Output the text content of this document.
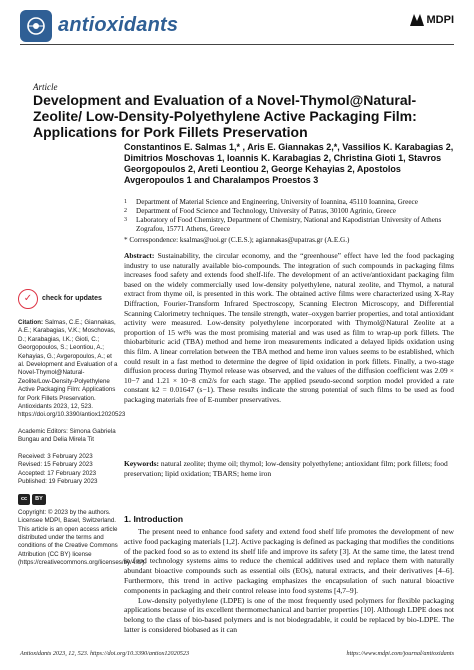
antioxidants	MDPI
Article
Development and Evaluation of a Novel-Thymol@Natural-Zeolite/ Low-Density-Polyethylene Active Packaging Film: Applications for Pork Fillets Preservation
Constantinos E. Salmas 1,* , Aris E. Giannakas 2,*, Vassilios K. Karabagias 2, Dimitrios Moschovas 1, Ioannis K. Karabagias 2, Christina Gioti 1, Stavros Georgopoulos 2, Areti Leontiou 2, George Kehayias 2, Apostolos Avgeropoulos 1 and Charalampos Proestos 3
1	Department of Material Science and Engineering, University of Ioannina, 45110 Ioannina, Greece
2	Department of Food Science and Technology, University of Patras, 30100 Agrinio, Greece
3	Laboratory of Food Chemistry, Department of Chemistry, National and Kapodistrian University of Athens Zografou, 15771 Athens, Greece
* Correspondence: ksalmas@uoi.gr (C.E.S.); agiannakas@upatras.gr (A.E.G.)
Abstract: Sustainability, the circular economy, and the “greenhouse” effect have led the food packaging industry to use naturally available bio-compounds. The integration of such compounds in packaging films increases food safety and extends food shelf-life. The development of an active/antioxidant packaging film based on the widely commercially used low-density polyethylene, natural zeolite, and Thymol, a natural extract from thyme oil, is presented in this work. The obtained active films were characterized using X-Ray Diffraction, Fourier-Transform Infrared Spectroscopy, Scanning Electron Microscopy, and Differential Scanning Calorimetry techniques. The tensile strength, water–oxygen barrier properties, and total antioxidant activity were measured. Low-density polyethylene incorporated with Thymol@Natural Zeolite at a proportion of 15 wt% was the most promising material and was used as film to wrap-up pork fillets. The thiobarbituric acid (TBA) method and heme iron measurements indicated a delayed lipids oxidation using this film. A linear correlation between the TBA method and heme iron values seems to be established, which could result in a fast method to determine the degree of lipid oxidation in pork fillets. Finally, a two-stage diffusion process during Thymol release was observed, and the values of the diffusion coefficient was 2.09 × 10−7 and 1.21 × 10−8 cm2/s for each stage. The applied pseudo-second sorption model provided a rate constant k2 = 0.01647 (s−1). These results indicate the strong potential of such films to be used as food packaging materials free of E-number preservatives.
Keywords: natural zeolite; thyme oil; thymol; low-density polyethylene; antioxidant film; pork fillets; food preservation; lipid oxidation; TBARS; heme iron
✓	check for updates
Citation: Salmas, C.E.; Giannakas, A.E.; Karabagias, V.K.; Moschovas, D.; Karabagias, I.K.; Gioti, C.; Georgopoulos, S.; Leontiou, A.; Kehayias, G.; Avgeropoulos, A.; et al. Development and Evaluation of a Novel-Thymol@Natural-Zeolite/Low-Density-Polyethylene Active Packaging Film: Applications for Pork Fillets Preservation. Antioxidants 2023, 12, 523. https://doi.org/10.3390/antiox12020523
Academic Editors: Simona Gabriela Bungau and Delia Mirela Tit
Received: 3 February 2023
Revised: 15 February 2023
Accepted: 17 February 2023
Published: 19 February 2023
cc	BY
Copyright: © 2023 by the authors. Licensee MDPI, Basel, Switzerland. This article is an open access article distributed under the terms and conditions of the Creative Commons Attribution (CC BY) license (https://creativecommons.org/licenses/by/4.0/).
1. Introduction

The present need to enhance food safety and extend food shelf life promotes the development of new active food packaging materials [1,2]. Active packaging is defined as packaging that modifies the conditions of the packed food so as to extend its shelf life and improve its safety [3]. At the same time, the latest trend in food technology systems aims to reduce the chemical additives used and replace them with naturally abundant bioactive compounds such as essential oils (EOs), natural extracts, and their derivatives [4–6]. Furthermore, this trend in active packaging emphasizes the encapsulation of such natural bioactive components in packaging and their control release into food systems [4,7–9].

Low-density polyethylene (LDPE) is one of the most frequently used polymers for flexible packaging applications because of its excellent thermomechanical and barrier properties [10]. Although LDPE does not belong to the class of bio-based polymers and is not biodegradable, it could be replaced by bio-LDPE. The latter is considered biobased as it can

Antioxidants 2023, 12, 523. https://doi.org/10.3390/antiox12020523	https://www.mdpi.com/journal/antioxidants
